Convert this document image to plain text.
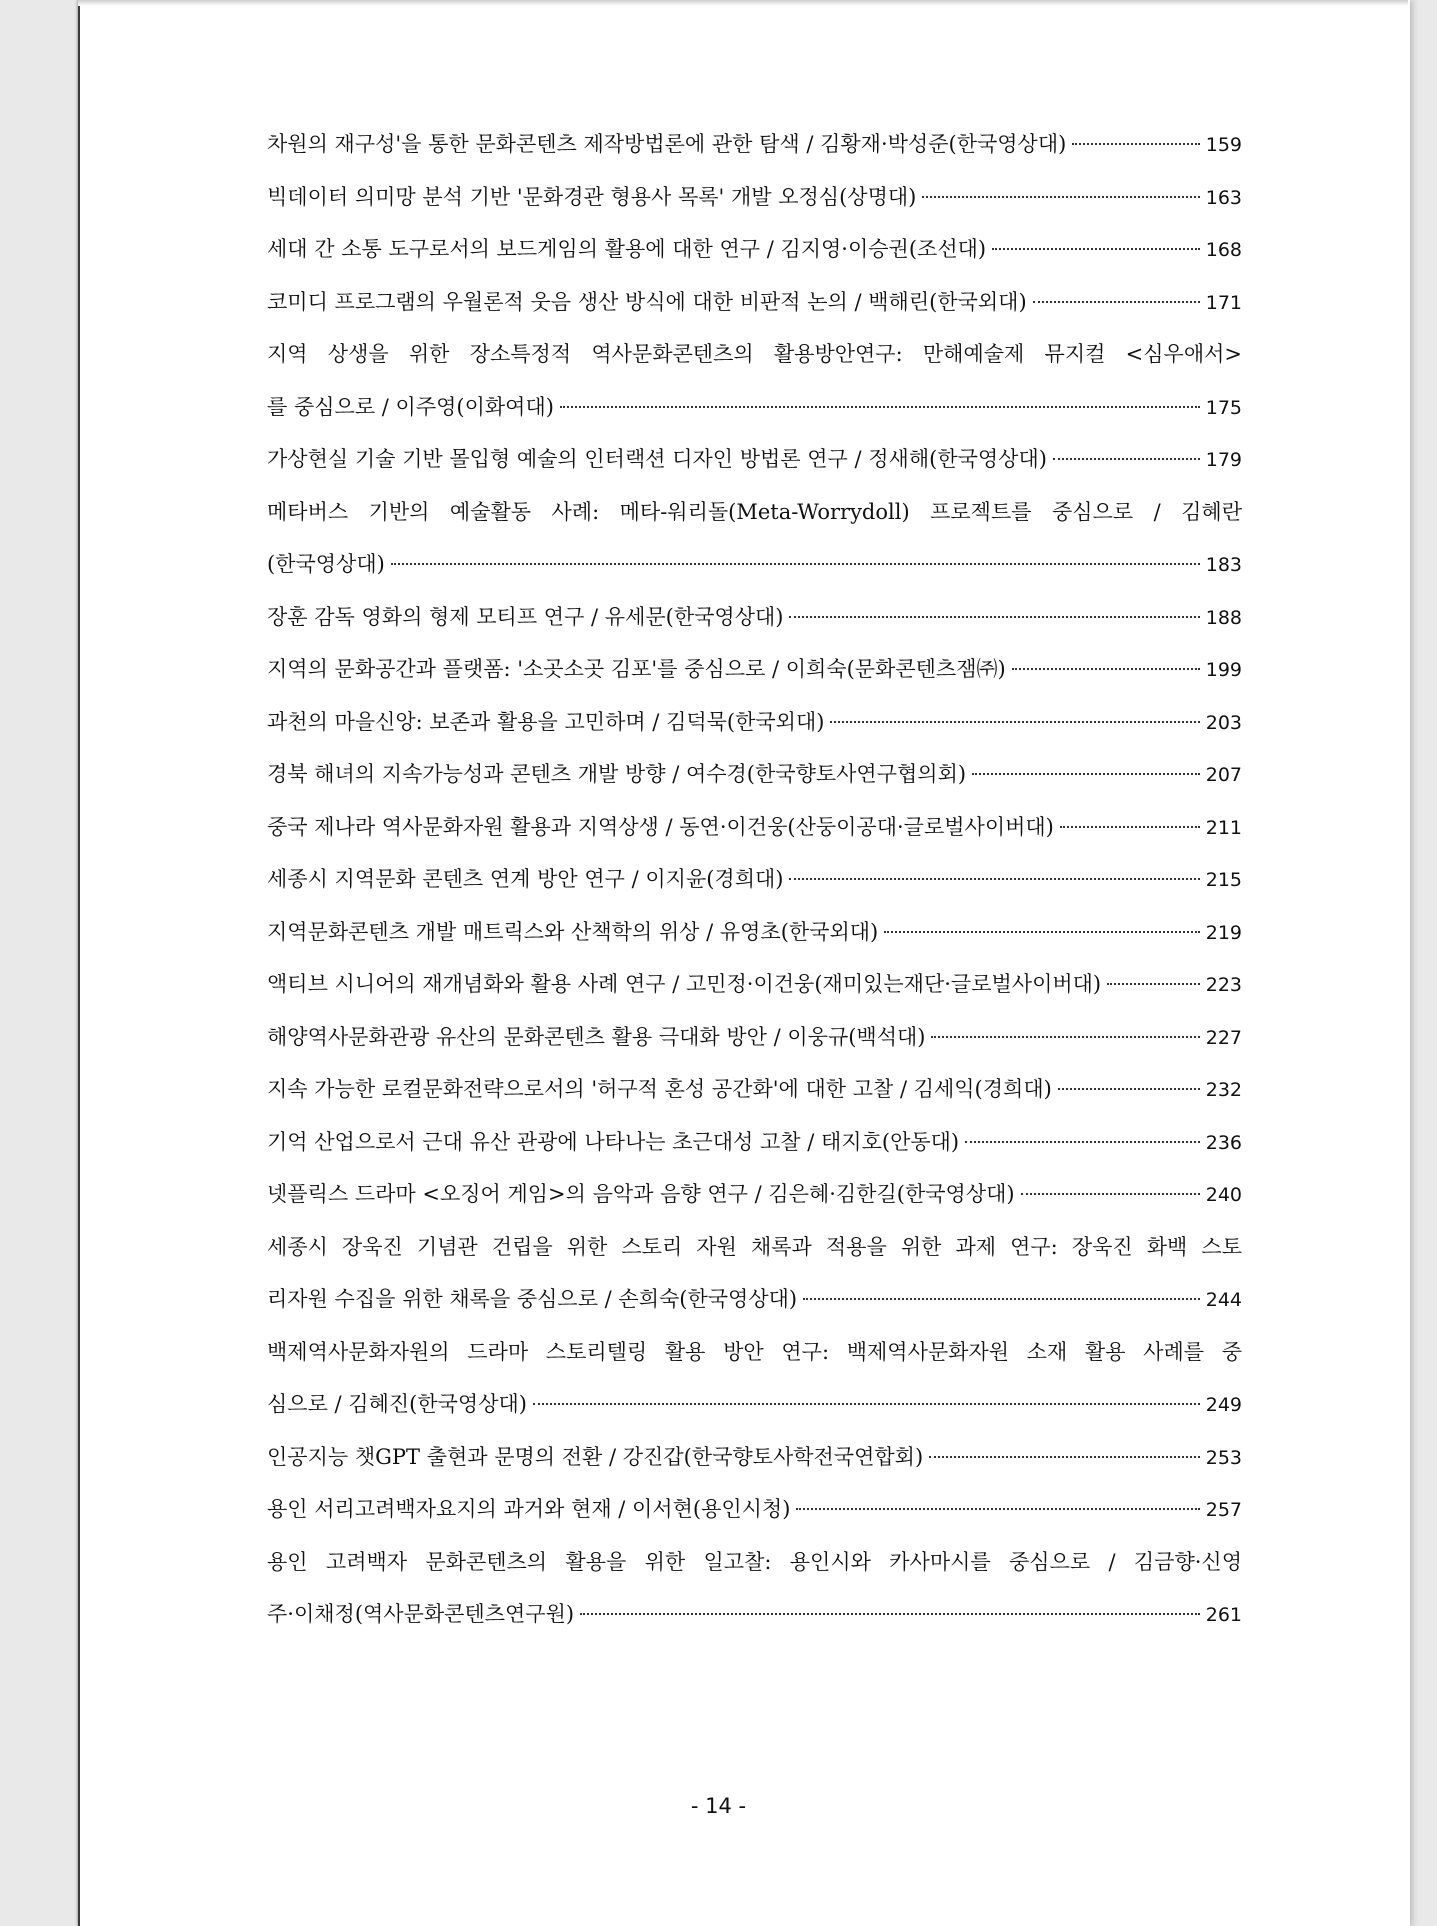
차원의 재구성'을 통한 문화콘텐츠 제작방법론에 관한 탐색 / 김황재·박성준(한국영상대)	159
빅데이터 의미망 분석 기반 '문화경관 형용사 목록' 개발 오정심(상명대)	163
세대 간 소통 도구로서의 보드게임의 활용에 대한 연구 / 김지영·이승권(조선대)	168
코미디 프로그램의 우월론적 웃음 생산 방식에 대한 비판적 논의 / 백해린(한국외대)	171
지역 상생을 위한 장소특정적 역사문화콘텐츠의 활용방안연구: 만해예술제 뮤지컬 <심우애서>
를 중심으로 / 이주영(이화여대)	175
가상현실 기술 기반 몰입형 예술의 인터랙션 디자인 방법론 연구 / 정새해(한국영상대)	179
메타버스 기반의 예술활동 사례: 메타-워리돌(Meta-Worrydoll) 프로젝트를 중심으로 / 김혜란
(한국영상대)	183
장훈 감독 영화의 형제 모티프 연구 / 유세문(한국영상대)	188
지역의 문화공간과 플랫폼: '소곳소곳 김포'를 중심으로 / 이희숙(문화콘텐츠잼㈜)	199
과천의 마을신앙: 보존과 활용을 고민하며 / 김덕묵(한국외대)	203
경북 해녀의 지속가능성과 콘텐츠 개발 방향 / 여수경(한국향토사연구협의회)	207
중국 제나라 역사문화자원 활용과 지역상생 / 동연·이건웅(산둥이공대·글로벌사이버대)	211
세종시 지역문화 콘텐츠 연계 방안 연구 / 이지윤(경희대)	215
지역문화콘텐츠 개발 매트릭스와 산책학의 위상 / 유영초(한국외대)	219
액티브 시니어의 재개념화와 활용 사례 연구 / 고민정·이건웅(재미있는재단·글로벌사이버대)	223
해양역사문화관광 유산의 문화콘텐츠 활용 극대화 방안 / 이웅규(백석대)	227
지속 가능한 로컬문화전략으로서의 '허구적 혼성 공간화'에 대한 고찰 / 김세익(경희대)	232
기억 산업으로서 근대 유산 관광에 나타나는 초근대성 고찰 / 태지호(안동대)	236
넷플릭스 드라마 <오징어 게임>의 음악과 음향 연구 / 김은혜·김한길(한국영상대)	240
세종시 장욱진 기념관 건립을 위한 스토리 자원 채록과 적용을 위한 과제 연구: 장욱진 화백 스토
리자원 수집을 위한 채록을 중심으로 / 손희숙(한국영상대)	244
백제역사문화자원의 드라마 스토리텔링 활용 방안 연구: 백제역사문화자원 소재 활용 사례를 중
심으로 / 김혜진(한국영상대)	249
인공지능 챗GPT 출현과 문명의 전환 / 강진갑(한국향토사학전국연합회)	253
용인 서리고려백자요지의 과거와 현재 / 이서현(용인시청)	257
용인 고려백자 문화콘텐츠의 활용을 위한 일고찰: 용인시와 카사마시를 중심으로 / 김금향·신영
주·이채정(역사문화콘텐츠연구원)	261
- 14 -
